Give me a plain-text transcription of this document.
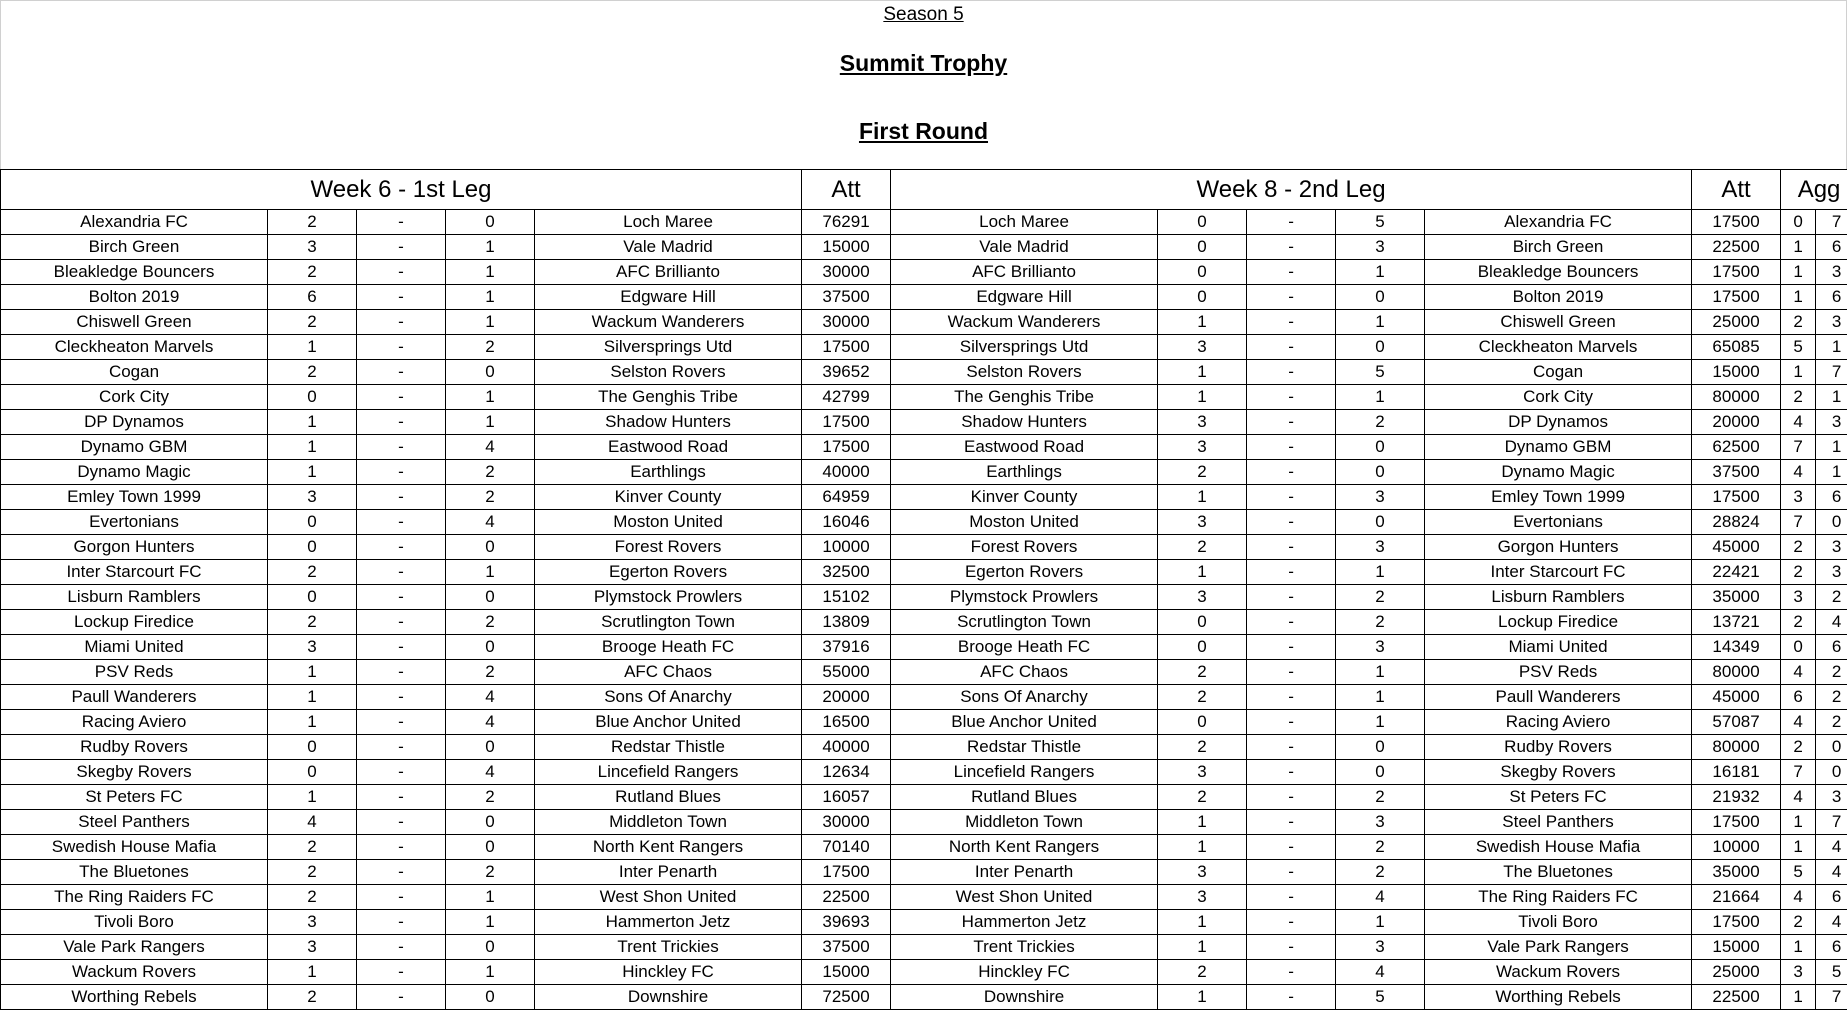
Season 5
Summit Trophy
First Round
Week 6 - 1st Leg					Att	Week 8 - 2nd Leg					Att	Agg	
Alexandria FC	2	-	0	Loch Maree	76291	Loch Maree	0	-	5	Alexandria FC	17500	0	7
Birch Green	3	-	1	Vale Madrid	15000	Vale Madrid	0	-	3	Birch Green	22500	1	6
Bleakledge Bouncers	2	-	1	AFC Brillianto	30000	AFC Brillianto	0	-	1	Bleakledge Bouncers	17500	1	3
Bolton 2019	6	-	1	Edgware Hill	37500	Edgware Hill	0	-	0	Bolton 2019	17500	1	6
Chiswell Green	2	-	1	Wackum Wanderers	30000	Wackum Wanderers	1	-	1	Chiswell Green	25000	2	3
Cleckheaton Marvels	1	-	2	Silversprings Utd	17500	Silversprings Utd	3	-	0	Cleckheaton Marvels	65085	5	1
Cogan	2	-	0	Selston Rovers	39652	Selston Rovers	1	-	5	Cogan	15000	1	7
Cork City	0	-	1	The Genghis Tribe	42799	The Genghis Tribe	1	-	1	Cork City	80000	2	1
DP Dynamos	1	-	1	Shadow Hunters	17500	Shadow Hunters	3	-	2	DP Dynamos	20000	4	3
Dynamo GBM	1	-	4	Eastwood Road	17500	Eastwood Road	3	-	0	Dynamo GBM	62500	7	1
Dynamo Magic	1	-	2	Earthlings	40000	Earthlings	2	-	0	Dynamo Magic	37500	4	1
Emley Town 1999	3	-	2	Kinver County	64959	Kinver County	1	-	3	Emley Town 1999	17500	3	6
Evertonians	0	-	4	Moston United	16046	Moston United	3	-	0	Evertonians	28824	7	0
Gorgon Hunters	0	-	0	Forest Rovers	10000	Forest Rovers	2	-	3	Gorgon Hunters	45000	2	3
Inter Starcourt FC	2	-	1	Egerton Rovers	32500	Egerton Rovers	1	-	1	Inter Starcourt FC	22421	2	3
Lisburn Ramblers	0	-	0	Plymstock Prowlers	15102	Plymstock Prowlers	3	-	2	Lisburn Ramblers	35000	3	2
Lockup Firedice	2	-	2	Scrutlington Town	13809	Scrutlington Town	0	-	2	Lockup Firedice	13721	2	4
Miami United	3	-	0	Brooge Heath FC	37916	Brooge Heath FC	0	-	3	Miami United	14349	0	6
PSV Reds	1	-	2	AFC Chaos	55000	AFC Chaos	2	-	1	PSV Reds	80000	4	2
Paull Wanderers	1	-	4	Sons Of Anarchy	20000	Sons Of Anarchy	2	-	1	Paull Wanderers	45000	6	2
Racing Aviero	1	-	4	Blue Anchor United	16500	Blue Anchor United	0	-	1	Racing Aviero	57087	4	2
Rudby Rovers	0	-	0	Redstar Thistle	40000	Redstar Thistle	2	-	0	Rudby Rovers	80000	2	0
Skegby Rovers	0	-	4	Lincefield Rangers	12634	Lincefield Rangers	3	-	0	Skegby Rovers	16181	7	0
St Peters FC	1	-	2	Rutland Blues	16057	Rutland Blues	2	-	2	St Peters FC	21932	4	3
Steel Panthers	4	-	0	Middleton Town	30000	Middleton Town	1	-	3	Steel Panthers	17500	1	7
Swedish House Mafia	2	-	0	North Kent Rangers	70140	North Kent Rangers	1	-	2	Swedish House Mafia	10000	1	4
The Bluetones	2	-	2	Inter Penarth	17500	Inter Penarth	3	-	2	The Bluetones	35000	5	4
The Ring Raiders FC	2	-	1	West Shon United	22500	West Shon United	3	-	4	The Ring Raiders FC	21664	4	6
Tivoli Boro	3	-	1	Hammerton Jetz	39693	Hammerton Jetz	1	-	1	Tivoli Boro	17500	2	4
Vale Park Rangers	3	-	0	Trent Trickies	37500	Trent Trickies	1	-	3	Vale Park Rangers	15000	1	6
Wackum Rovers	1	-	1	Hinckley FC	15000	Hinckley FC	2	-	4	Wackum Rovers	25000	3	5
Worthing Rebels	2	-	0	Downshire	72500	Downshire	1	-	5	Worthing Rebels	22500	1	7
